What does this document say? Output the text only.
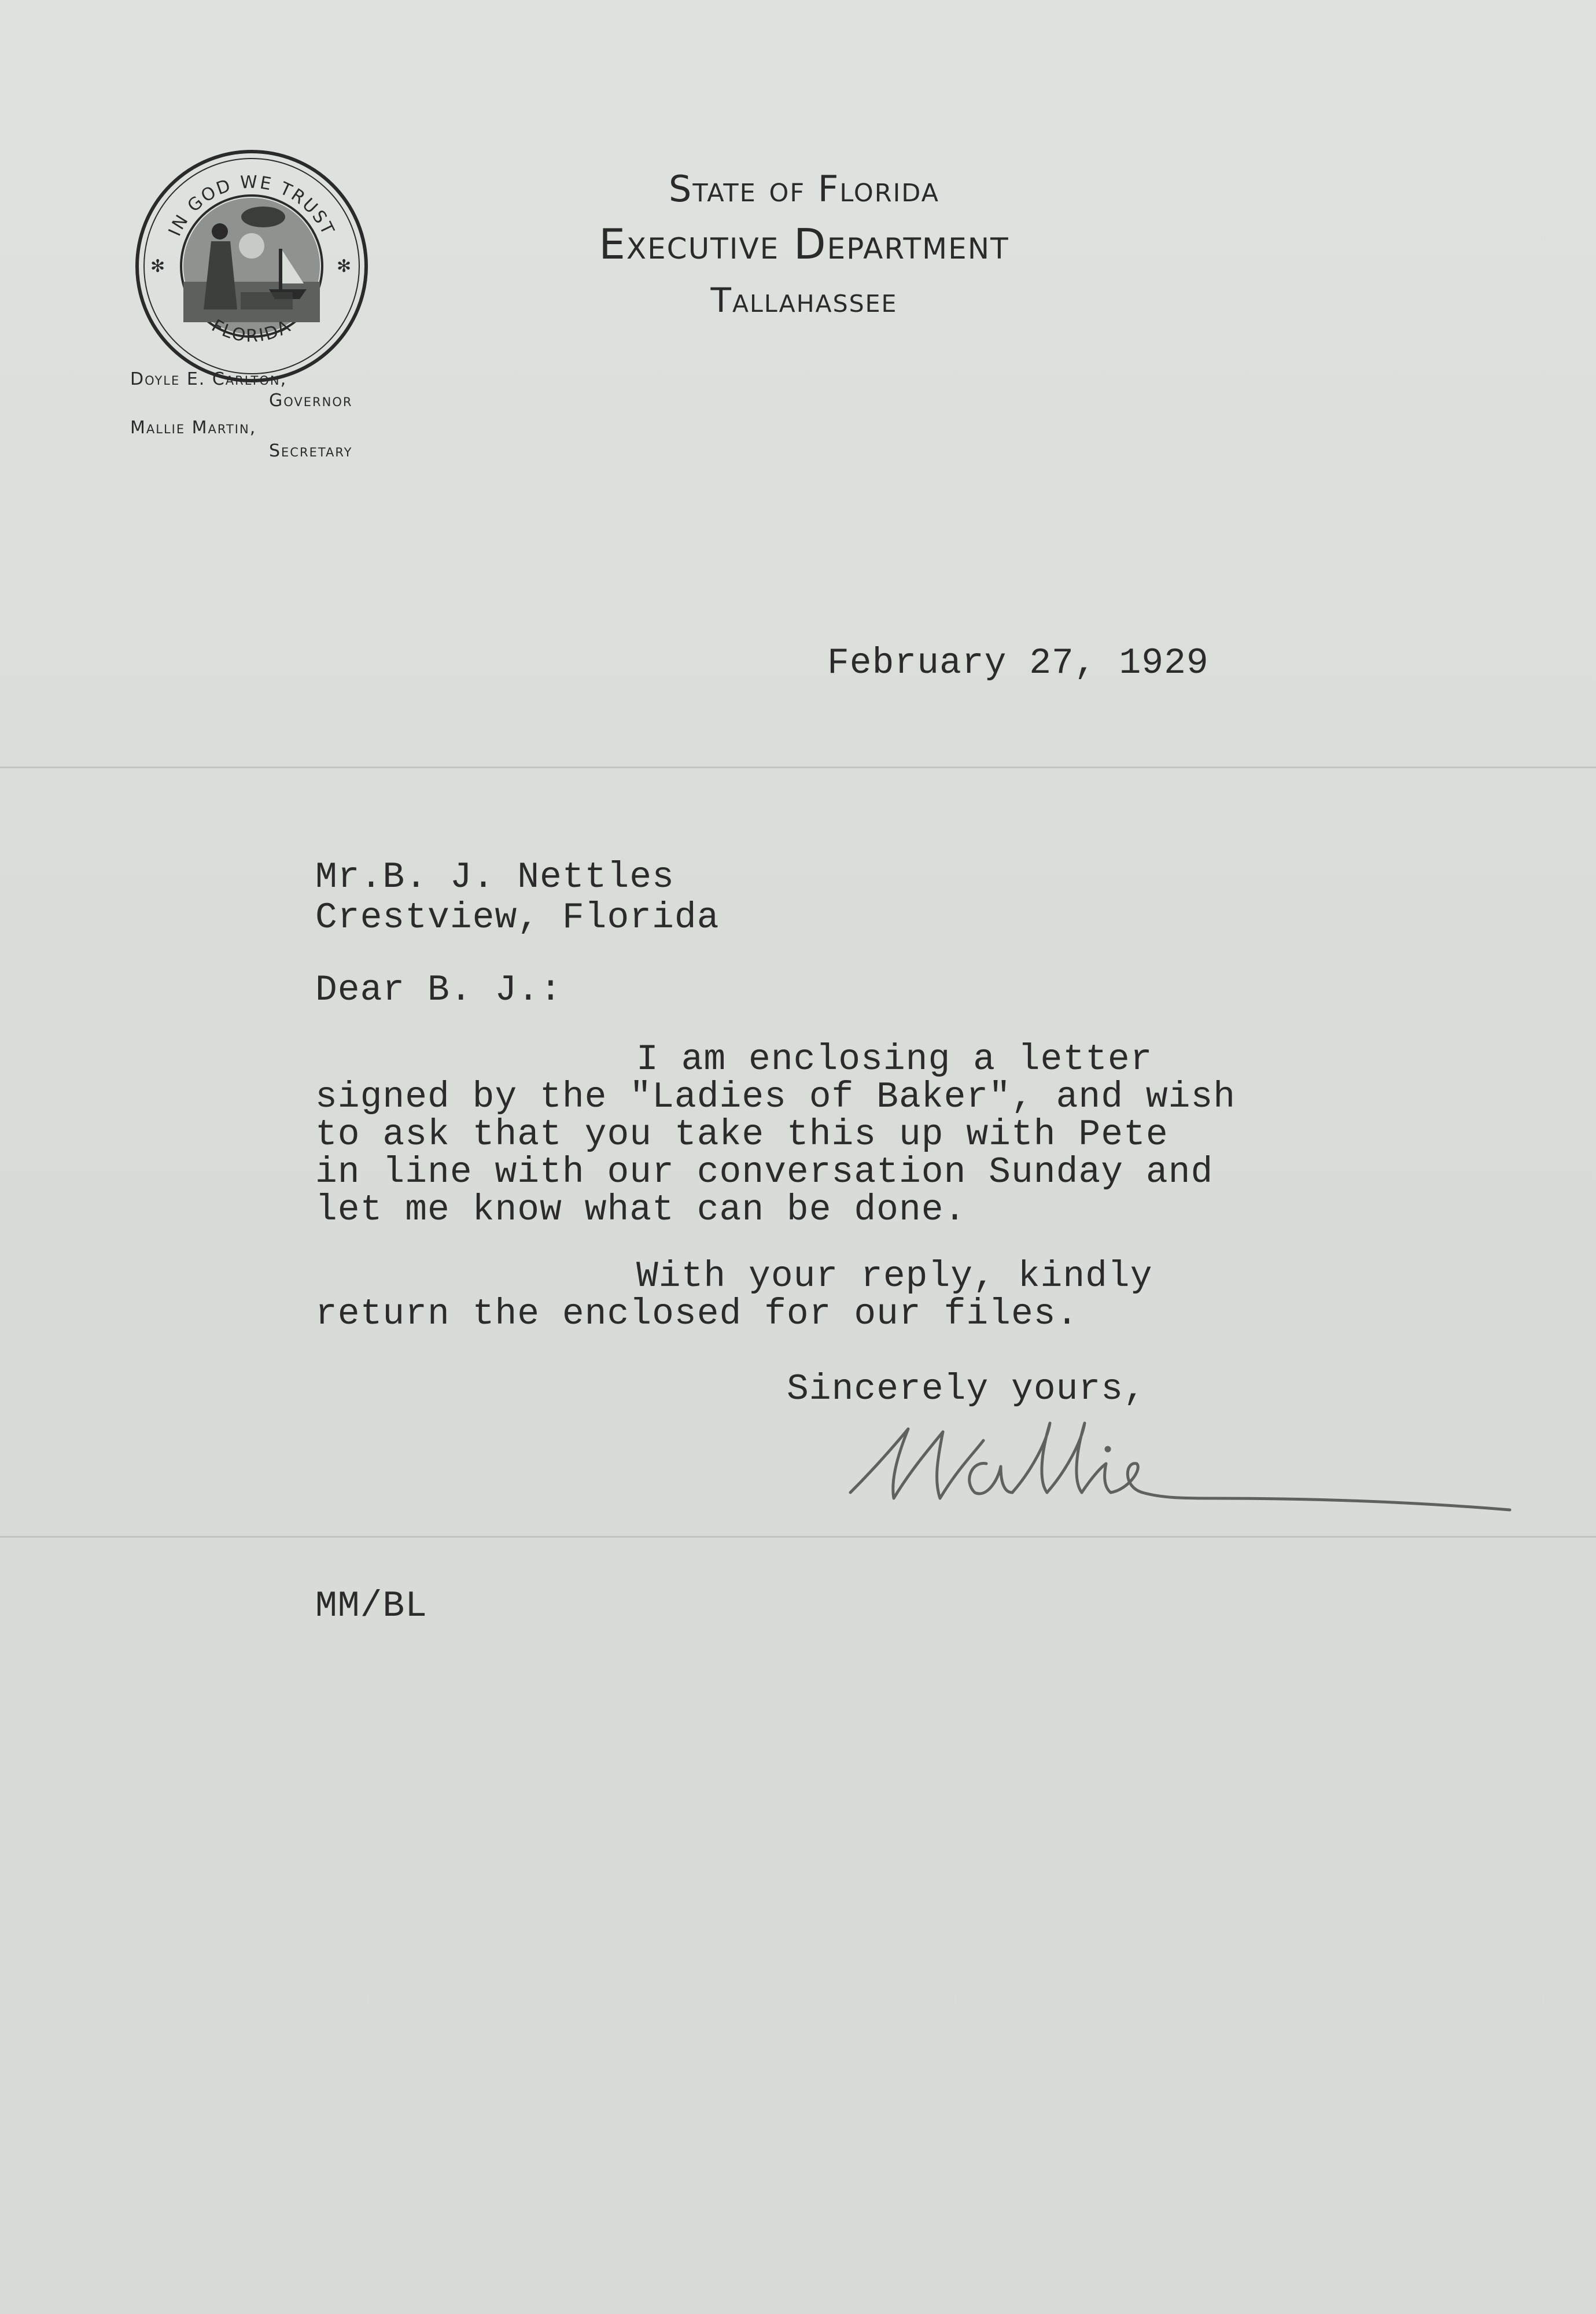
IN GOD WE TRUST
FLORIDA
✻	✻
State of Florida
Executive Department
Tallahassee
Doyle E. Carlton,
Governor
Mallie Martin,
Secretary
February 27, 1929
Mr.B. J. Nettles
Crestview, Florida
Dear B. J.:
I am enclosing a letter
signed by the "Ladies of Baker", and wish
to ask that you take this up with Pete
in line with our conversation Sunday and
let me know what can be done.
With your reply, kindly
return the enclosed for our files.
Sincerely yours,
MM/BL
